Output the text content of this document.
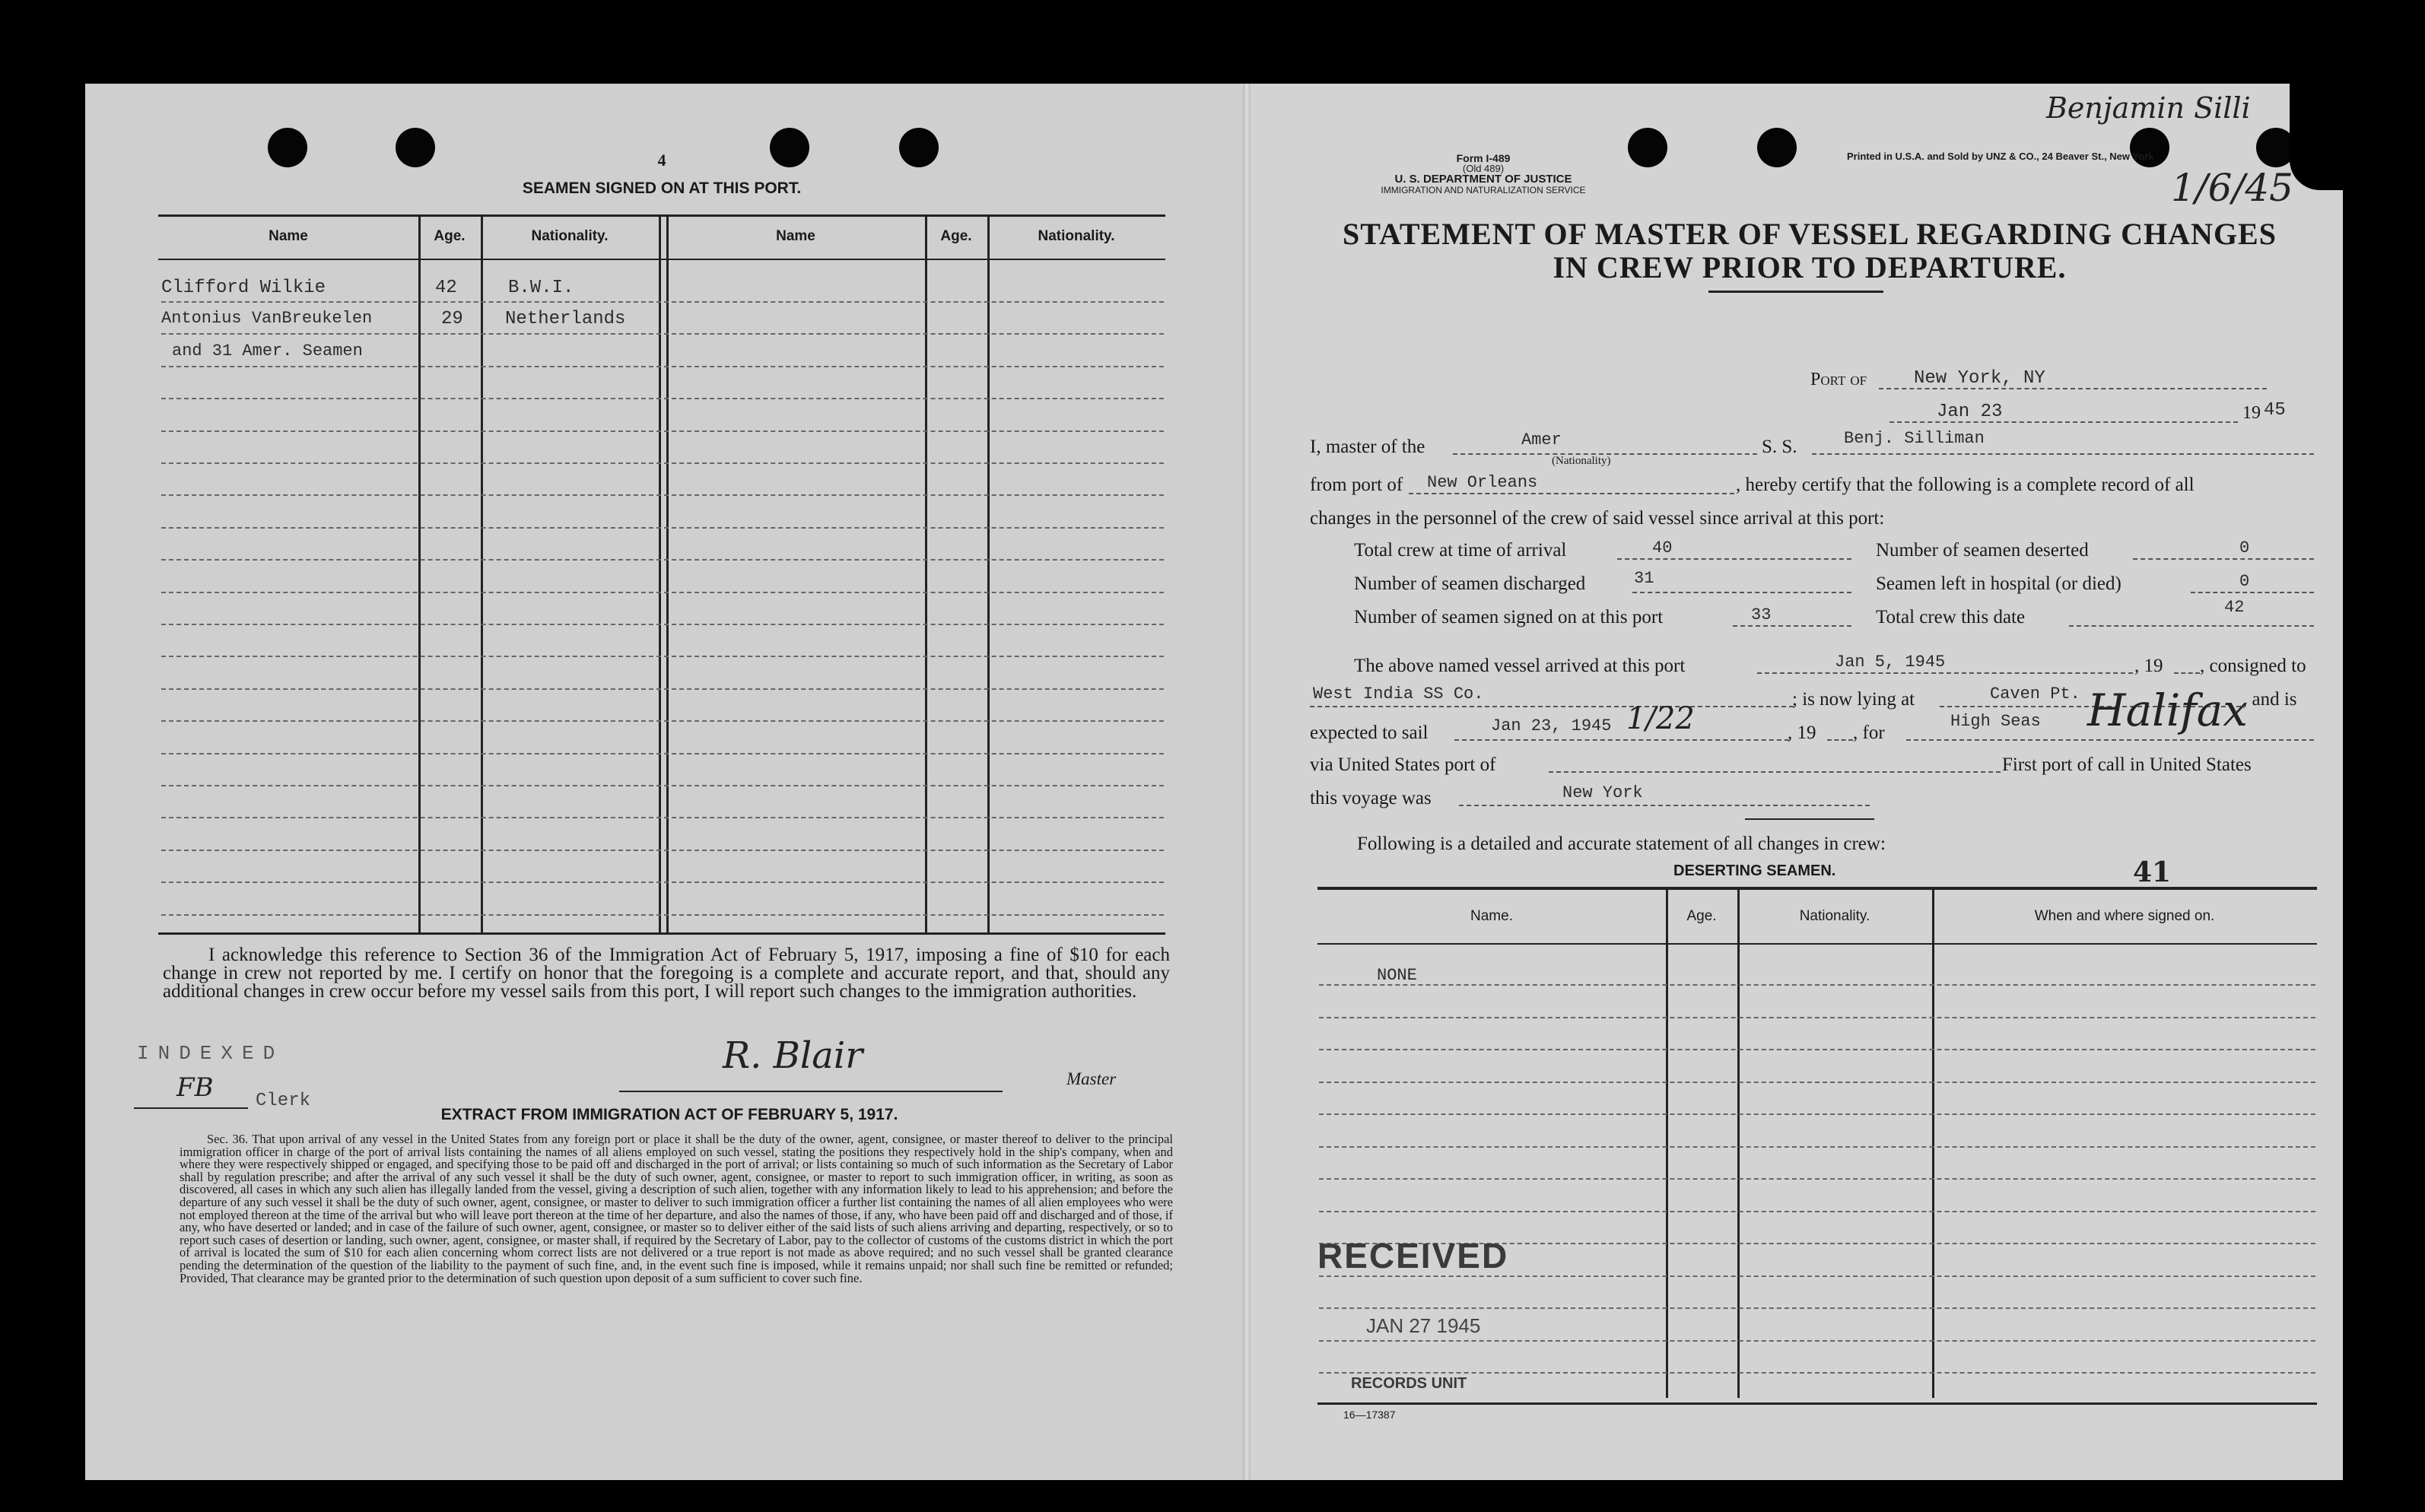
4
SEAMEN SIGNED ON AT THIS PORT.
Name	Age.	Nationality.	Name	Age.	Nationality.
Clifford Wilkie	42	B.W.I.
Antonius VanBreukelen	29 Netherlands
and 31 Amer. Seamen
I acknowledge this reference to Section 36 of the Immigration Act of February 5, 1917, imposing a fine of $10 for each change in crew not reported by me. I certify on honor that the foregoing is a complete and accurate report, and that, should any additional changes in crew occur before my vessel sails from this port, I will report such changes to the immigration authorities.
INDEXED
FB Clerk
R. Blair
Master
EXTRACT FROM IMMIGRATION ACT OF FEBRUARY 5, 1917.
Sec. 36. That upon arrival of any vessel in the United States from any foreign port or place it shall be the duty of the owner, agent, consignee, or master thereof to deliver to the principal immigration officer in charge of the port of arrival lists containing the names of all aliens employed on such vessel, stating the positions they respectively hold in the ship's company, when and where they were respectively shipped or engaged, and specifying those to be paid off and discharged in the port of arrival; or lists containing so much of such information as the Secretary of Labor shall by regulation prescribe; and after the arrival of any such vessel it shall be the duty of such owner, agent, consignee, or master to report to such immigration officer, in writing, as soon as discovered, all cases in which any such alien has illegally landed from the vessel, giving a description of such alien, together with any information likely to lead to his apprehension; and before the departure of any such vessel it shall be the duty of such owner, agent, consignee, or master to deliver to such immigration officer a further list containing the names of all alien employees who were not employed thereon at the time of the arrival but who will leave port thereon at the time of her departure, and also the names of those, if any, who have been paid off and discharged and of those, if any, who have deserted or landed; and in case of the failure of such owner, agent, consignee, or master so to deliver either of the said lists of such aliens arriving and departing, respectively, or so to report such cases of desertion or landing, such owner, agent, consignee, or master shall, if required by the Secretary of Labor, pay to the collector of customs of the customs district in which the port of arrival is located the sum of $10 for each alien concerning whom correct lists are not delivered or a true report is not made as above required; and no such vessel shall be granted clearance pending the determination of the question of the liability to the payment of such fine, and, in the event such fine is imposed, while it remains unpaid; nor shall such fine be remitted or refunded; Provided, That clearance may be granted prior to the determination of such question upon deposit of a sum sufficient to cover such fine.
Form I-489
(Old 489)
U. S. DEPARTMENT OF JUSTICE
IMMIGRATION AND NATURALIZATION SERVICE
Printed in U.S.A. and Sold by UNZ & CO., 24 Beaver St., New York
Benjamin Silli
1/6/45
STATEMENT OF MASTER OF VESSEL REGARDING CHANGES
IN CREW PRIOR TO DEPARTURE.
Port of	New York, NY
Jan 23	19 45
I, master of the	Amer
(Nationality)
S. S.	Benj. Silliman
from port of New Orleans	, hereby certify that the following is a complete record of all
changes in the personnel of the crew of said vessel since arrival at this port:
Total crew at time of arrival	40	Number of seamen deserted	0
Number of seamen discharged	31	Seamen left in hospital (or died)	0
Number of seamen signed on at this port	33	Total crew this date	42
The above named vessel arrived at this port	Jan 5, 1945	, 19 , consigned to
West India SS Co.	; is now lying at	Caven Pt.	, and is
expected to sail	Jan 23, 1945 1/22	, 19 , for
High Seas Halifax
via United States port of	First port of call in United States
this voyage was	New York
Following is a detailed and accurate statement of all changes in crew:
DESERTING SEAMEN.	41
Name.	Age.	Nationality.	When and where signed on.
NONE
RECEIVED
JAN 27 1945
RECORDS UNIT
16—17387
